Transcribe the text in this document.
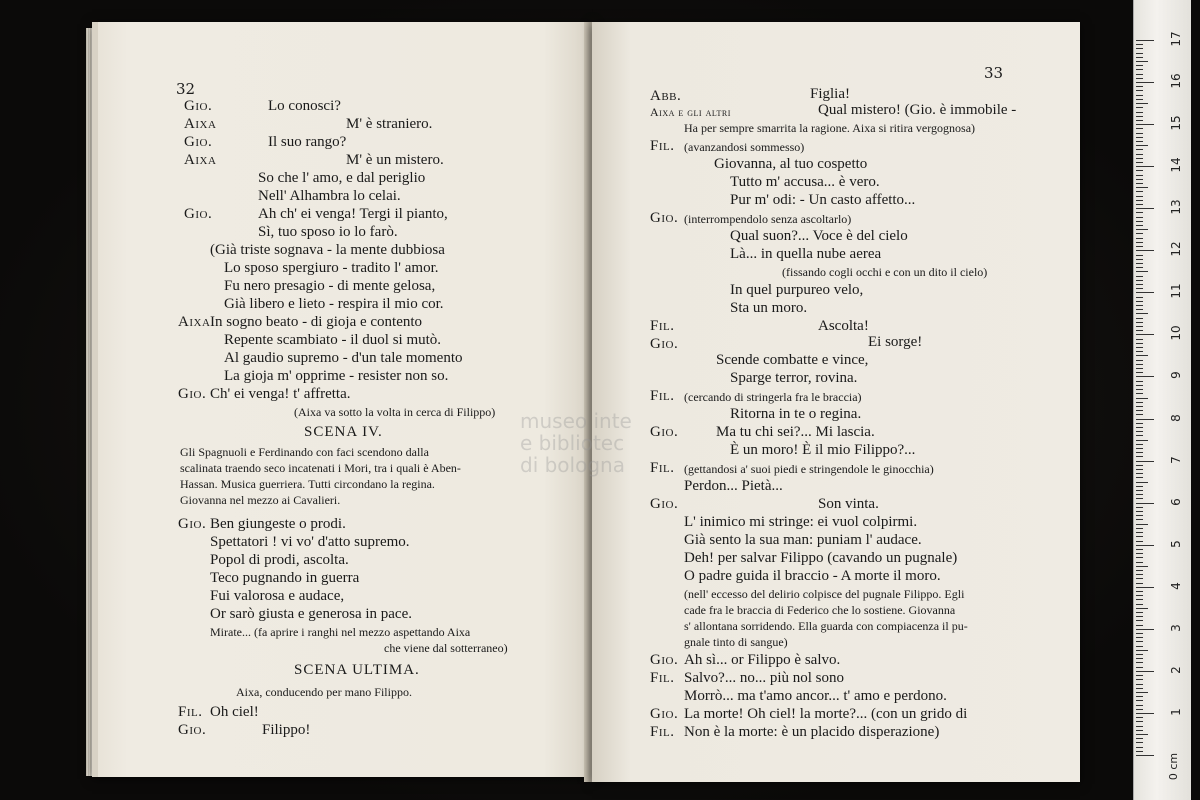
32
Gio.	Lo conosci?
Aixa	M' è straniero.
Gio.	Il suo rango?
Aixa	M' è un mistero.
So che l' amo, e dal periglio
Nell' Alhambra lo celai.
Gio.	Ah ch' ei venga! Tergi il pianto,
Sì, tuo sposo io lo farò.
(Già triste sognava - la mente dubbiosa
Lo sposo spergiuro - tradito l' amor.
Fu nero presagio - di mente gelosa,
Già libero e lieto - respira il mio cor.
Aixa In sogno beato - di gioja e contento
Repente scambiato - il duol si mutò.
Al gaudio supremo - d'un tale momento
La gioja m' opprime - resister non so.
Gio. Ch' ei venga! t' affretta.
(Aixa va sotto la volta in cerca di Filippo)
SCENA IV.
Gli Spagnuoli e Ferdinando con faci scendono dalla
scalinata traendo seco incatenati i Mori, tra i quali è Aben-
Hassan. Musica guerriera. Tutti circondano la regina.
Giovanna nel mezzo ai Cavalieri.
Gio. Ben giungeste o prodi.
Spettatori ! vi vo' d'atto supremo.
Popol di prodi, ascolta.
Teco pugnando in guerra
Fui valorosa e audace,
Or sarò giusta e generosa in pace.
Mirate... (fa aprire i ranghi nel mezzo aspettando Aixa
che viene dal sotterraneo)
SCENA ULTIMA.
Aixa, conducendo per mano Filippo.
Fil. Oh ciel!
Gio.	Filippo!
33
Abb.	Figlia!
Aixa e gli altri	Qual mistero! (Gio. è immobile -
Ha per sempre smarrita la ragione. Aixa si ritira vergognosa)
Fil. (avanzandosi sommesso)
Giovanna, al tuo cospetto
Tutto m' accusa... è vero.
Pur m' odi: - Un casto affetto...
Gio. (interrompendolo senza ascoltarlo)
Qual suon?... Voce è del cielo
Là... in quella nube aerea
(fissando cogli occhi e con un dito il cielo)
In quel purpureo velo,
Sta un moro.
Fil.	Ascolta!
Gio.	Ei sorge!
Scende combatte e vince,
Sparge terror, rovina.
Fil. (cercando di stringerla fra le braccia)
Ritorna in te o regina.
Gio.	Ma tu chi sei?... Mi lascia.
È un moro! È il mio Filippo?...
Fil. (gettandosi a' suoi piedi e stringendole le ginocchia)
Perdon... Pietà...
Gio.	Son vinta.
L' inimico mi stringe: ei vuol colpirmi.
Già sento la sua man: puniam l' audace.
Deh! per salvar Filippo (cavando un pugnale)
O padre guida il braccio - A morte il moro.
(nell' eccesso del delirio colpisce del pugnale Filippo. Egli
cade fra le braccia di Federico che lo sostiene. Giovanna
s' allontana sorridendo. Ella guarda con compiacenza il pu-
gnale tinto di sangue)
Gio. Ah sì... or Filippo è salvo.
Fil. Salvo?... no... più nol sono
Morrò... ma t'amo ancor... t' amo e perdono.
Gio. La morte! Oh ciel! la morte?... (con un grido di
Fil. Non è la morte: è un placido disperazione)
museo inte
e bibliotec
di bologna
17
16
15
14
13
12
11
10
9
8
7
6
5
4
3
2
1
0 cm
